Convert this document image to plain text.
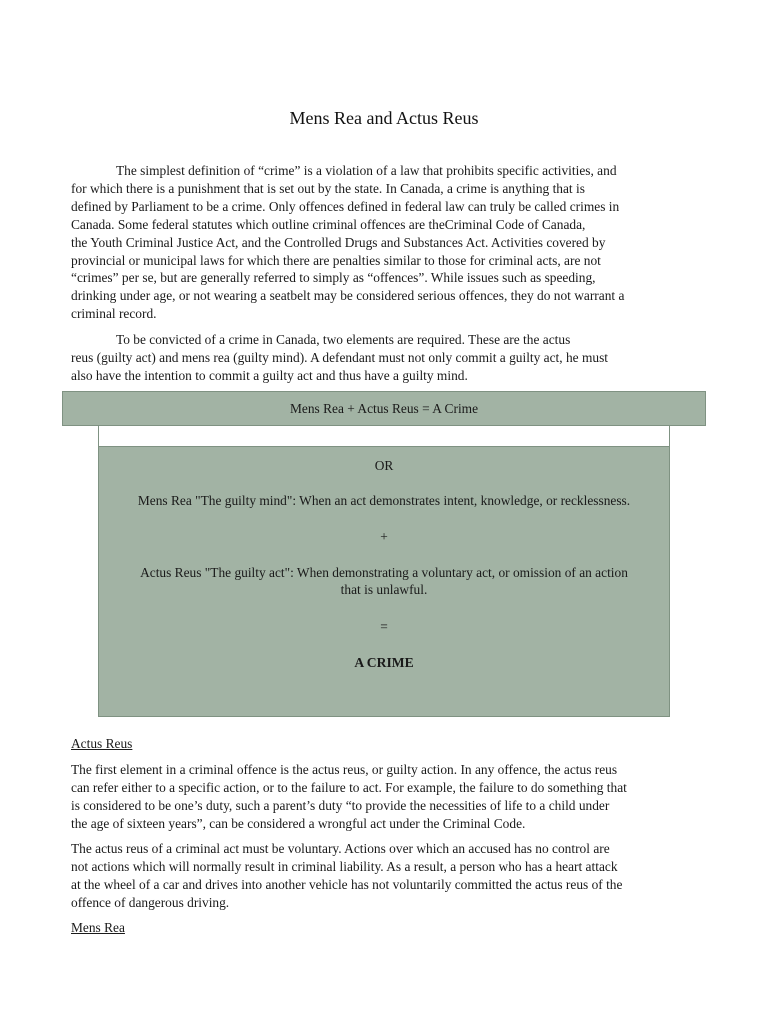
Mens Rea and Actus Reus

The simplest definition of “crime” is a violation of a law that prohibits specific activities, and
for which there is a punishment that is set out by the state. In Canada, a crime is anything that is
defined by Parliament to be a crime. Only offences defined in federal law can truly be called crimes in
Canada. Some federal statutes which outline criminal offences are theCriminal Code of Canada,
the Youth Criminal Justice Act, and the Controlled Drugs and Substances Act. Activities covered by
provincial or municipal laws for which there are penalties similar to those for criminal acts, are not
“crimes” per se, but are generally referred to simply as “offences”. While issues such as speeding,
drinking under age, or not wearing a seatbelt may be considered serious offences, they do not warrant a
criminal record.

To be convicted of a crime in Canada, two elements are required. These are the actus
reus (guilty act) and mens rea (guilty mind). A defendant must not only commit a guilty act, he must
also have the intention to commit a guilty act and thus have a guilty mind.

Mens Rea + Actus Reus = A Crime
OR
Mens Rea "The guilty mind": When an act demonstrates intent, knowledge, or recklessness.
+
Actus Reus "The guilty act": When demonstrating a voluntary act, or omission of an action
that is unlawful.
=
A CRIME
Actus Reus

The first element in a criminal offence is the actus reus, or guilty action. In any offence, the actus reus
can refer either to a specific action, or to the failure to act. For example, the failure to do something that
is considered to be one’s duty, such a parent’s duty “to provide the necessities of life to a child under
the age of sixteen years”, can be considered a wrongful act under the Criminal Code.

The actus reus of a criminal act must be voluntary. Actions over which an accused has no control are
not actions which will normally result in criminal liability. As a result, a person who has a heart attack
at the wheel of a car and drives into another vehicle has not voluntarily committed the actus reus of the
offence of dangerous driving.

Mens Rea
